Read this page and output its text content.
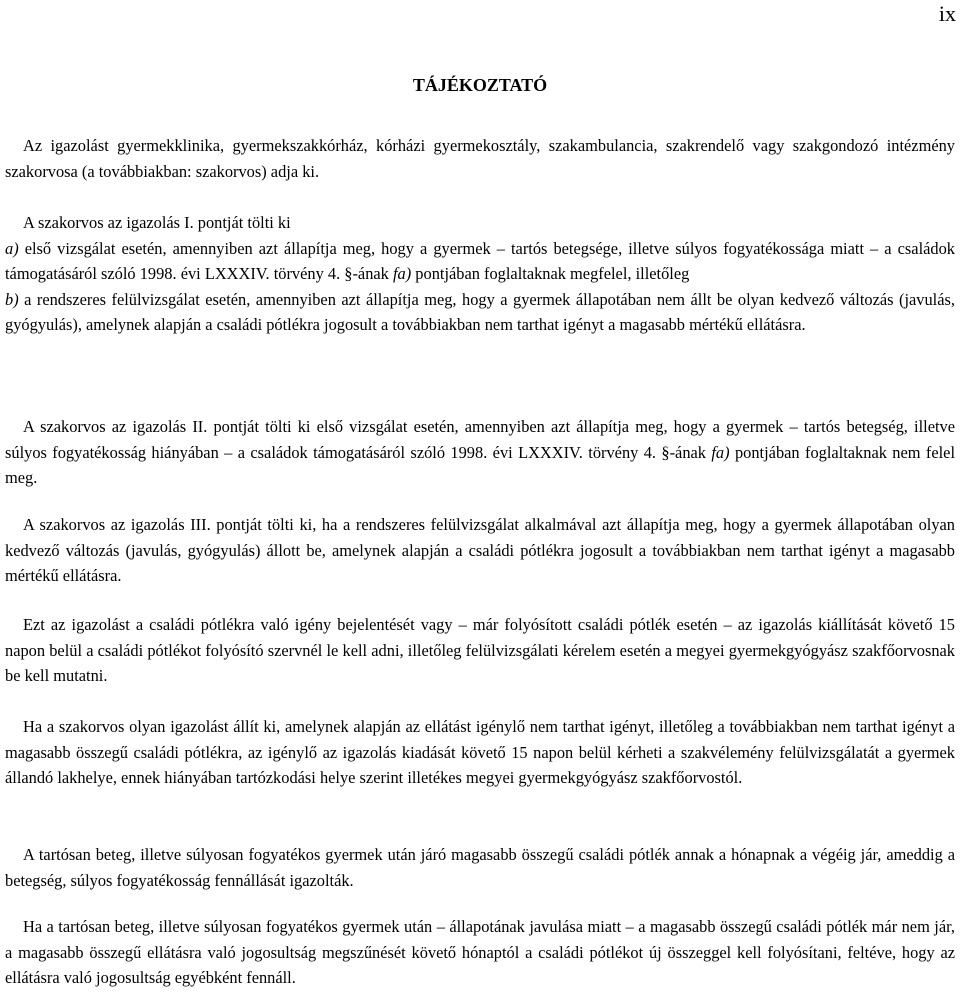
ix
TÁJÉKOZTATÓ

Az igazolást gyermekklinika, gyermekszakkórház, kórházi gyermekosztály, szakambulancia, szakrendelő vagy szakgondozó intézmény szakorvosa (a továbbiakban: szakorvos) adja ki.

A szakorvos az igazolás I. pontját tölti ki

a) első vizsgálat esetén, amennyiben azt állapítja meg, hogy a gyermek – tartós betegsége, illetve súlyos fogyatékossága miatt – a családok támogatásáról szóló 1998. évi LXXXIV. törvény 4. §-ának fa) pontjában foglaltaknak megfelel, illetőleg

b) a rendszeres felülvizsgálat esetén, amennyiben azt állapítja meg, hogy a gyermek állapotában nem állt be olyan kedvező változás (javulás, gyógyulás), amelynek alapján a családi pótlékra jogosult a továbbiakban nem tarthat igényt a magasabb mértékű ellátásra.

A szakorvos az igazolás II. pontját tölti ki első vizsgálat esetén, amennyiben azt állapítja meg, hogy a gyermek – tartós betegség, illetve súlyos fogyatékosság hiányában – a családok támogatásáról szóló 1998. évi LXXXIV. törvény 4. §-ának fa) pontjában foglaltaknak nem felel meg.

A szakorvos az igazolás III. pontját tölti ki, ha a rendszeres felülvizsgálat alkalmával azt állapítja meg, hogy a gyermek állapotában olyan kedvező változás (javulás, gyógyulás) állott be, amelynek alapján a családi pótlékra jogosult a továbbiakban nem tarthat igényt a magasabb mértékű ellátásra.

Ezt az igazolást a családi pótlékra való igény bejelentését vagy – már folyósított családi pótlék esetén – az igazolás kiállítását követő 15 napon belül a családi pótlékot folyósító szervnél le kell adni, illetőleg felülvizsgálati kérelem esetén a megyei gyermekgyógyász szakfőorvosnak be kell mutatni.

Ha a szakorvos olyan igazolást állít ki, amelynek alapján az ellátást igénylő nem tarthat igényt, illetőleg a továbbiakban nem tarthat igényt a magasabb összegű családi pótlékra, az igénylő az igazolás kiadását követő 15 napon belül kérheti a szakvélemény felülvizsgálatát a gyermek állandó lakhelye, ennek hiányában tartózkodási helye szerint illetékes megyei gyermekgyógyász szakfőorvostól.

A tartósan beteg, illetve súlyosan fogyatékos gyermek után járó magasabb összegű családi pótlék annak a hónapnak a végéig jár, ameddig a betegség, súlyos fogyatékosság fennállását igazolták.

Ha a tartósan beteg, illetve súlyosan fogyatékos gyermek után – állapotának javulása miatt – a magasabb összegű családi pótlék már nem jár, a magasabb összegű ellátásra való jogosultság megszűnését követő hónaptól a családi pótlékot új összeggel kell folyósítani, feltéve, hogy az ellátásra való jogosultság egyébként fennáll.
